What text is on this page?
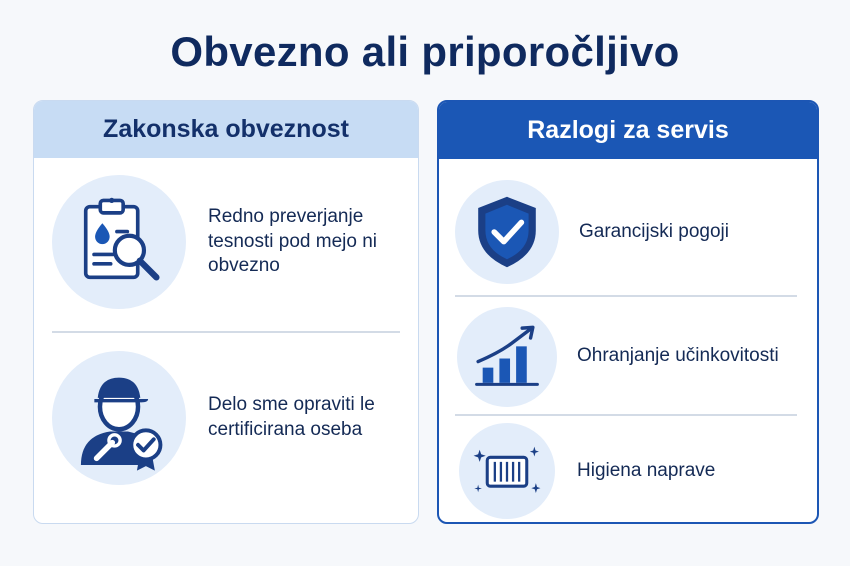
Obvezno ali priporočljivo
Zakonska obveznost
Redno preverjanje tesnosti pod mejo ni obvezno
Delo sme opraviti le certificirana oseba
Razlogi za servis
Garancijski pogoji
Ohranjanje učinkovitosti
Higiena naprave
